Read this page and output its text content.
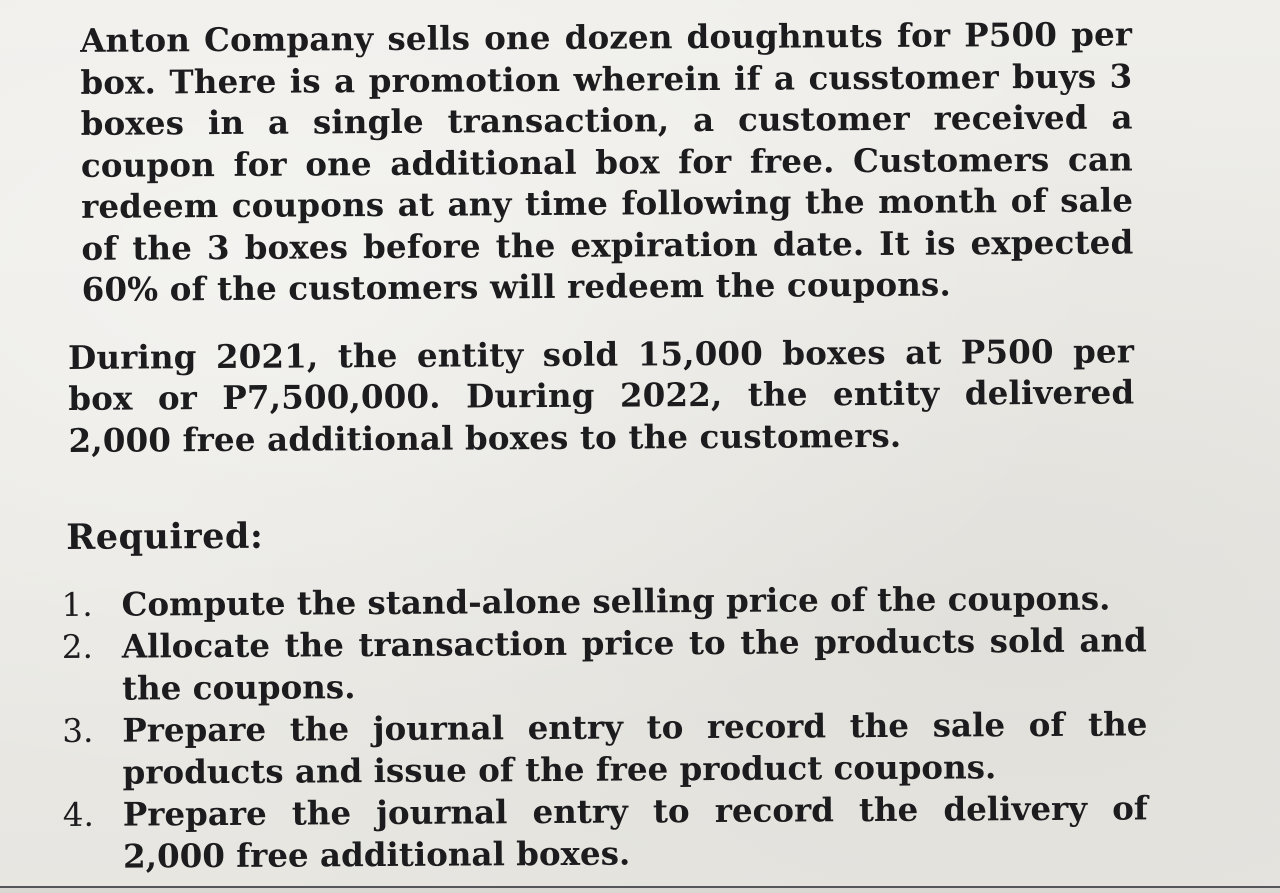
Anton Company sells one dozen doughnuts for P500 per box. There is a promotion wherein if a cusstomer buys 3 boxes in a single transaction, a customer received a coupon for one additional box for free. Customers can redeem coupons at any time following the month of sale of the 3 boxes before the expiration date. It is expected 60% of the customers will redeem the coupons.

During 2021, the entity sold 15,000 boxes at P500 per box or P7,500,000. During 2022, the entity delivered 2,000 free additional boxes to the customers.

Required:
1. Compute the stand-alone selling price of the coupons.
2. Allocate the transaction price to the products sold and the coupons.
3. Prepare the journal entry to record the sale of the products and issue of the free product coupons.
4. Prepare the journal entry to record the delivery of 2,000 free additional boxes.
